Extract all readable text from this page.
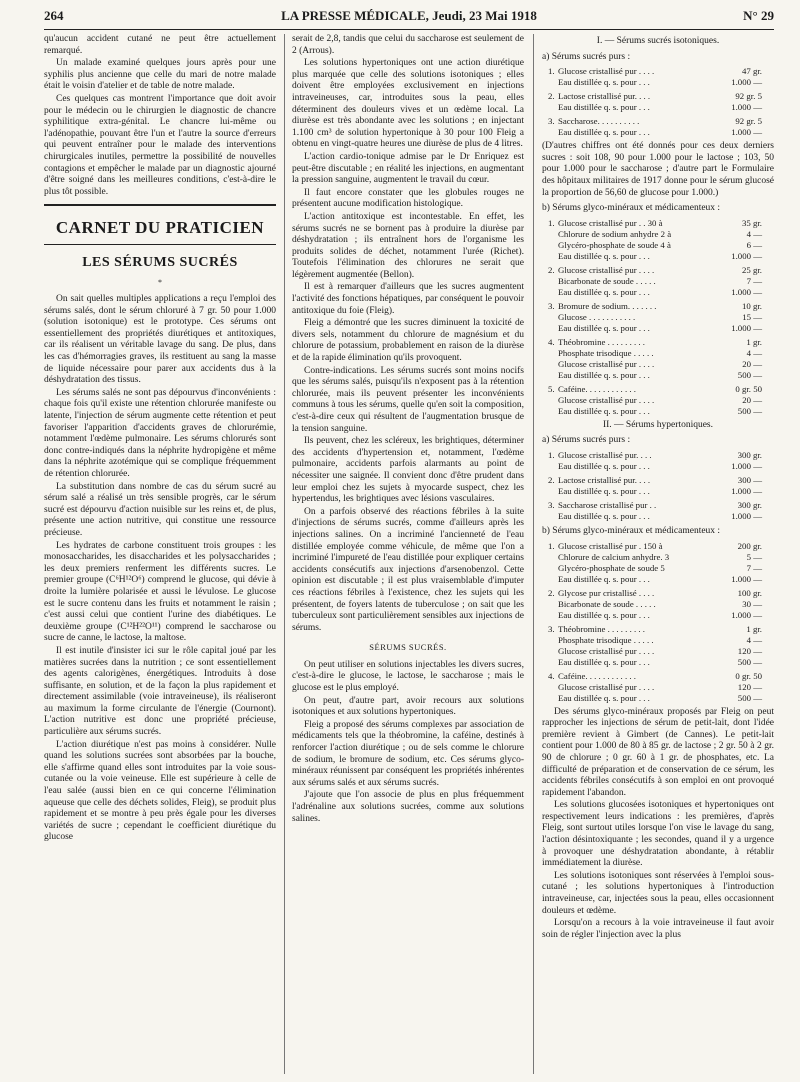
264	LA PRESSE MÉDICALE, Jeudi, 23 Mai 1918	N° 29

qu'aucun accident cutané ne peut être actuellement remarqué.

Un malade examiné quelques jours après pour une syphilis plus ancienne que celle du mari de notre malade était le voisin d'atelier et de table de notre malade.

Ces quelques cas montrent l'importance que doit avoir pour le médecin ou le chirurgien le diagnostic de chancre syphilitique extra-génital. Le chancre lui-même ou l'adénopathie, pouvant être l'un et l'autre la source d'erreurs qui peuvent entraîner pour le malade des interventions chirurgicales inutiles, permettre la possibilité de nouvelles contagions et empêcher le malade par un diagnostic ajourné d'être soigné dans les meilleures conditions, c'est-à-dire le plus tôt possible.

CARNET DU PRATICIEN
LES SÉRUMS SUCRÉS
*

On sait quelles multiples applications a reçu l'emploi des sérums salés, dont le sérum chloruré à 7 gr. 50 pour 1.000 (solution isotonique) est le prototype. Ces sérums ont essentiellement des propriétés diurétiques et antitoxiques, car ils réalisent un véritable lavage du sang. De plus, dans les cas d'hémorragies graves, ils restituent au sang la masse de liquide nécessaire pour parer aux accidents dus à la déshydratation des tissus.

Les sérums salés ne sont pas dépourvus d'inconvénients : chaque fois qu'il existe une rétention chlorurée manifeste ou latente, l'injection de sérum augmente cette rétention et peut favoriser l'apparition d'accidents graves de chlorurémie, notamment l'œdème pulmonaire. Les sérums chlorurés sont donc contre-indiqués dans la néphrite hydropigène et même dans la néphrite azotémique qui se complique fréquemment de rétention chlorurée.

La substitution dans nombre de cas du sérum sucré au sérum salé a réalisé un très sensible progrès, car le sérum sucré est dépourvu d'action nuisible sur les reins et, de plus, présente une action nutritive, qui constitue une ressource précieuse.

Les hydrates de carbone constituent trois groupes : les monosaccharides, les disaccharides et les polysaccharides ; les deux premiers renferment les différents sucres. Le premier groupe (C⁶H¹²O⁶) comprend le glucose, qui dévie à droite la lumière polarisée et aussi le lévulose. Le glucose est le sucre contenu dans les fruits et notamment le raisin ; c'est aussi celui que contient l'urine des diabétiques. Le deuxième groupe (C¹²H²²O¹¹) comprend le saccharose ou sucre de canne, le lactose, la maltose.

Il est inutile d'insister ici sur le rôle capital joué par les matières sucrées dans la nutrition ; ce sont essentiellement des agents calorigènes, énergétiques. Introduits à dose suffisante, en solution, et de la façon la plus rapidement et directement assimilable (voie intraveineuse), ils réaliseront au maximum la forme circulante de l'énergie (Cournont). L'action nutritive est donc une propriété précieuse, particulière aux sérums sucrés.

L'action diurétique n'est pas moins à considérer. Nulle quand les solutions sucrées sont absorbées par la bouche, elle s'affirme quand elles sont introduites par la voie sous-cutanée ou la voie veineuse. Elle est supérieure à celle de l'eau salée (aussi bien en ce qui concerne l'élimination aqueuse que celle des déchets solides, Fleig), se produit plus rapidement et se montre à peu près égale pour les diverses variétés de sucre ; cependant le coefficient diurétique du glucose

serait de 2,8, tandis que celui du saccharose est seulement de 2 (Arrous).

Les solutions hypertoniques ont une action diurétique plus marquée que celle des solutions isotoniques ; elles doivent être employées exclusivement en injections intraveineuses, car, introduites sous la peau, elles déterminent des douleurs vives et un œdème local. La diurèse est très abondante avec les solutions ; en injectant 1.100 cm³ de solution hypertonique à 30 pour 100 Fleig a obtenu en vingt-quatre heures une diurèse de plus de 4 litres.

L'action cardio-tonique admise par le Dr Enriquez est peut-être discutable ; en réalité les injections, en augmentant la pression sanguine, augmentent le travail du cœur.

Il faut encore constater que les globules rouges ne présentent aucune modification histologique.

L'action antitoxique est incontestable. En effet, les sérums sucrés ne se bornent pas à produire la diurèse par déshydratation ; ils entraînent hors de l'organisme les produits solides de déchet, notamment l'urée (Richet). Toutefois l'élimination des chlorures ne serait que légèrement augmentée (Bellon).

Il est à remarquer d'ailleurs que les sucres augmentent l'activité des fonctions hépatiques, par conséquent le pouvoir antitoxique du foie (Fleig).

Fleig a démontré que les sucres diminuent la toxicité de divers sels, notamment du chlorure de magnésium et du chlorure de potassium, probablement en raison de la diurèse et de la rapide élimination qu'ils provoquent.

Contre-indications. Les sérums sucrés sont moins nocifs que les sérums salés, puisqu'ils n'exposent pas à la rétention chlorurée, mais ils peuvent présenter les inconvénients communs à tous les sérums, quelle qu'en soit la composition, c'est-à-dire ceux qui résultent de l'augmentation brusque de la tension sanguine.

Ils peuvent, chez les scléreux, les brightiques, déterminer des accidents d'hypertension et, notamment, l'œdème pulmonaire, accidents parfois alarmants au point de nécessiter une saignée. Il convient donc d'être prudent dans leur emploi chez les sujets à myocarde suspect, chez les hypertendus, les brightiques avec lésions vasculaires.

On a parfois observé des réactions fébriles à la suite d'injections de sérums sucrés, comme d'ailleurs après les injections salines. On a incriminé l'ancienneté de l'eau distillée employée comme véhicule, de même que l'on a incriminé l'impureté de l'eau distillée pour expliquer certains accidents consécutifs aux injections d'arsenobenzol. Cette opinion est discutable ; il est plus vraisemblable d'imputer ces réactions fébriles à l'existence, chez les sujets qui les présentent, de foyers latents de tuberculose ; on sait que les tuberculeux sont particulièrement sensibles aux injections de sérums.

SÉRUMS SUCRÉS.

On peut utiliser en solutions injectables les divers sucres, c'est-à-dire le glucose, le lactose, le saccharose ; mais le glucose est le plus employé.

On peut, d'autre part, avoir recours aux solutions isotoniques et aux solutions hypertoniques.

Fleig a proposé des sérums complexes par association de médicaments tels que la théobromine, la caféine, destinés à renforcer l'action diurétique ; ou de sels comme le chlorure de sodium, le bromure de sodium, etc. Ces sérums glyco-minéraux réunissent par conséquent les propriétés inhérentes aux sérums salés et aux sérums sucrés.

J'ajoute que l'on associe de plus en plus fréquemment l'adrénaline aux solutions sucrées, comme aux solutions salines.

I. — Sérums sucrés isotoniques.
a) Sérums sucrés purs :
1. Glucose cristallisé pur . . . .	47 gr.
Eau distillée q. s. pour . . .	1.000 —
2. Lactose cristallisé pur. . . .	92 gr. 5
Eau distillée q. s. pour . . .	1.000 —
3. Saccharose. . . . . . . . . .	92 gr. 5
Eau distillée q. s. pour . . .	1.000 —

(D'autres chiffres ont été donnés pour ces deux derniers sucres : soit 108, 90 pour 1.000 pour le lactose ; 103, 50 pour 1.000 pour le saccharose ; d'autre part le Formulaire des hôpitaux militaires de 1917 donne pour le sérum glucosé la proportion de 56,60 de glucose pour 1.000.)

b) Sérums glyco-minéraux et médicamenteux :
1. Glucose cristallisé pur . . 30 à	35 gr.
Chlorure de sodium anhydre 2 à	4 —
Glycéro-phosphate de soude 4 à	6 —
Eau distillée q. s. pour . . .	1.000 —
2. Glucose cristallisé pur . . . .	25 gr.
Bicarbonate de soude . . . . .	7 —
Eau distillée q. s. pour . . .	1.000 —
3. Bromure de sodium. . . . . . .	10 gr.
Glucose . . . . . . . . . . .	15 —
Eau distillée q. s. pour . . .	1.000 —
4. Théobromine . . . . . . . . .	1 gr.
Phosphate trisodique . . . . .	4 —
Glucose cristallisé pur . . . .	20 —
Eau distillée q. s. pour . . .	500 —
5. Caféine. . . . . . . . . . . .	0 gr. 50
Glucose cristallisé pur . . . .	20 —
Eau distillée q. s. pour . . .	500 —
II. — Sérums hypertoniques.
a) Sérums sucrés purs :
1. Glucose cristallisé pur. . . .	300 gr.
Eau distillée q. s. pour . . .	1.000 —
2. Lactose cristallisé pur. . . .	300 —
Eau distillée q. s. pour . . .	1.000 —
3. Saccharose cristallisé pur . .	300 gr.
Eau distillée q. s. pour . . .	1.000 —
b) Sérums glyco-minéraux et médicamenteux :
1. Glucose cristallisé pur . 150 à	200 gr.
Chlorure de calcium anhydre. 3	5 —
Glycéro-phosphate de soude 5	7 —
Eau distillée q. s. pour . . .	1.000 —
2. Glycose pur cristallisé . . . .	100 gr.
Bicarbonate de soude . . . . .	30 —
Eau distillée q. s. pour . . .	1.000 —
3. Théobromine . . . . . . . . .	1 gr.
Phosphate trisodique . . . . .	4 —
Glucose cristallisé pur . . . .	120 —
Eau distillée q. s. pour . . .	500 —
4. Caféine. . . . . . . . . . . .	0 gr. 50
Glucose cristallisé pur . . . .	120 —
Eau distillée q. s. pour . . .	500 —

Des sérums glyco-minéraux proposés par Fleig on peut rapprocher les injections de sérum de petit-lait, dont l'idée première revient à Gimbert (de Cannes). Le petit-lait contient pour 1.000 de 80 à 85 gr. de lactose ; 2 gr. 50 à 2 gr. 90 de chlorure ; 0 gr. 60 à 1 gr. de phosphates, etc. La difficulté de préparation et de conservation de ce sérum, les accidents fébriles consécutifs à son emploi en ont provoqué rapidement l'abandon.

Les solutions glucosées isotoniques et hypertoniques ont respectivement leurs indications : les premières, d'après Fleig, sont surtout utiles lorsque l'on vise le lavage du sang, l'action désintoxiquante ; les secondes, quand il y a urgence à provoquer une déshydratation abondante, à rétablir immédiatement la diurèse.

Les solutions isotoniques sont réservées à l'emploi sous-cutané ; les solutions hypertoniques à l'introduction intraveineuse, car, injectées sous la peau, elles occasionnent douleurs et œdème.

Lorsqu'on a recours à la voie intraveineuse il faut avoir soin de régler l'injection avec la plus
